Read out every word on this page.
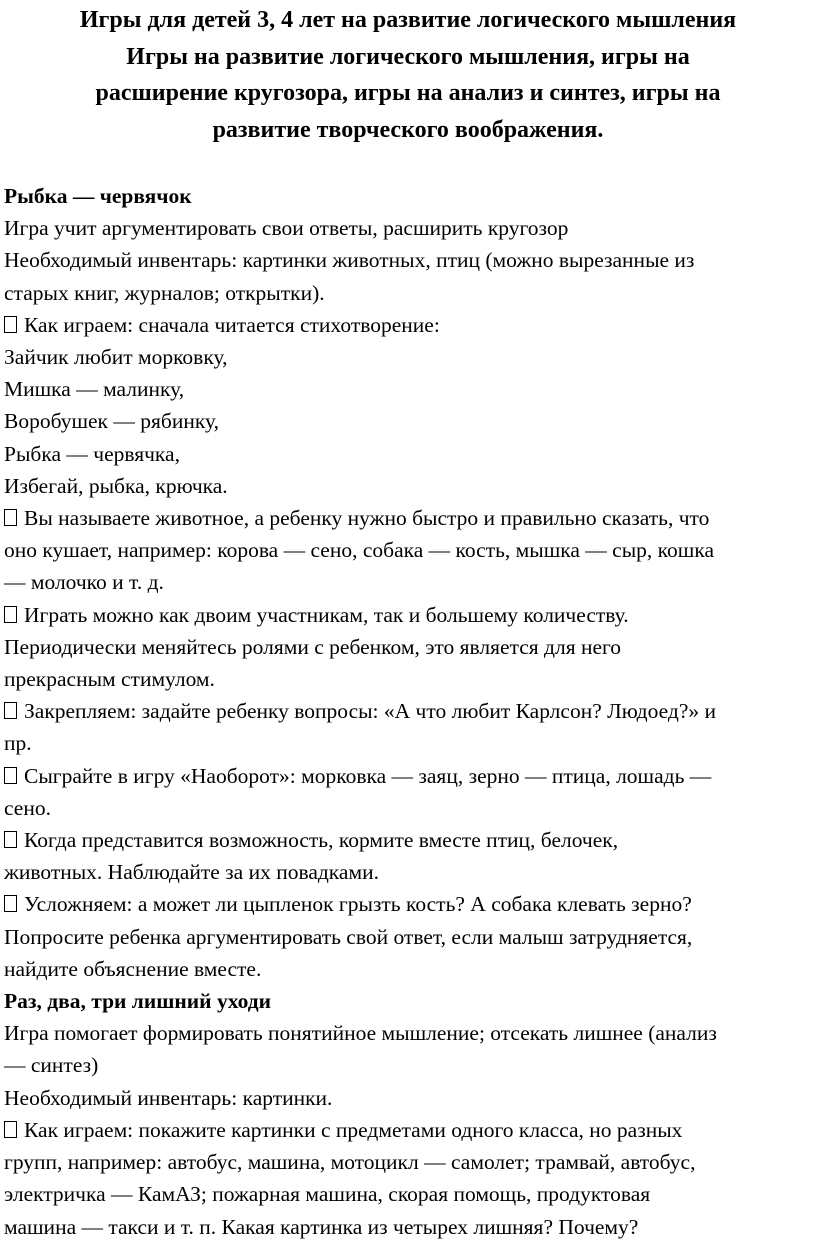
Игры для детей 3, 4 лет на развитие логического мышления
Игры на развитие логического мышления, игры на
расширение кругозора, игры на анализ и синтез, игры на
развитие творческого воображения.
Рыбка — червячок
Игра учит аргументировать свои ответы, расширить кругозор
Необходимый инвентарь: картинки животных, птиц (можно вырезанные из
старых книг, журналов; открытки).
Как играем: сначала читается стихотворение:
Зайчик любит морковку,
Мишка — малинку,
Воробушек — рябинку,
Рыбка — червячка,
Избегай, рыбка, крючка.
Вы называете животное, а ребенку нужно быстро и правильно сказать, что
оно кушает, например: корова — сено, собака — кость, мышка — сыр, кошка
— молочко и т. д.
Играть можно как двоим участникам, так и большему количеству.
Периодически меняйтесь ролями с ребенком, это является для него
прекрасным стимулом.
Закрепляем: задайте ребенку вопросы: «А что любит Карлсон? Людоед?» и
пр.
Сыграйте в игру «Наоборот»: морковка — заяц, зерно — птица, лошадь —
сено.
Когда представится возможность, кормите вместе птиц, белочек,
животных. Наблюдайте за их повадками.
Усложняем: а может ли цыпленок грызть кость? А собака клевать зерно?
Попросите ребенка аргументировать свой ответ, если малыш затрудняется,
найдите объяснение вместе.
Раз, два, три лишний уходи
Игра помогает формировать понятийное мышление; отсекать лишнее (анализ
— синтез)
Необходимый инвентарь: картинки.
Как играем: покажите картинки с предметами одного класса, но разных
групп, например: автобус, машина, мотоцикл — самолет; трамвай, автобус,
электричка — КамАЗ; пожарная машина, скорая помощь, продуктовая
машина — такси и т. п. Какая картинка из четырех лишняя? Почему?
